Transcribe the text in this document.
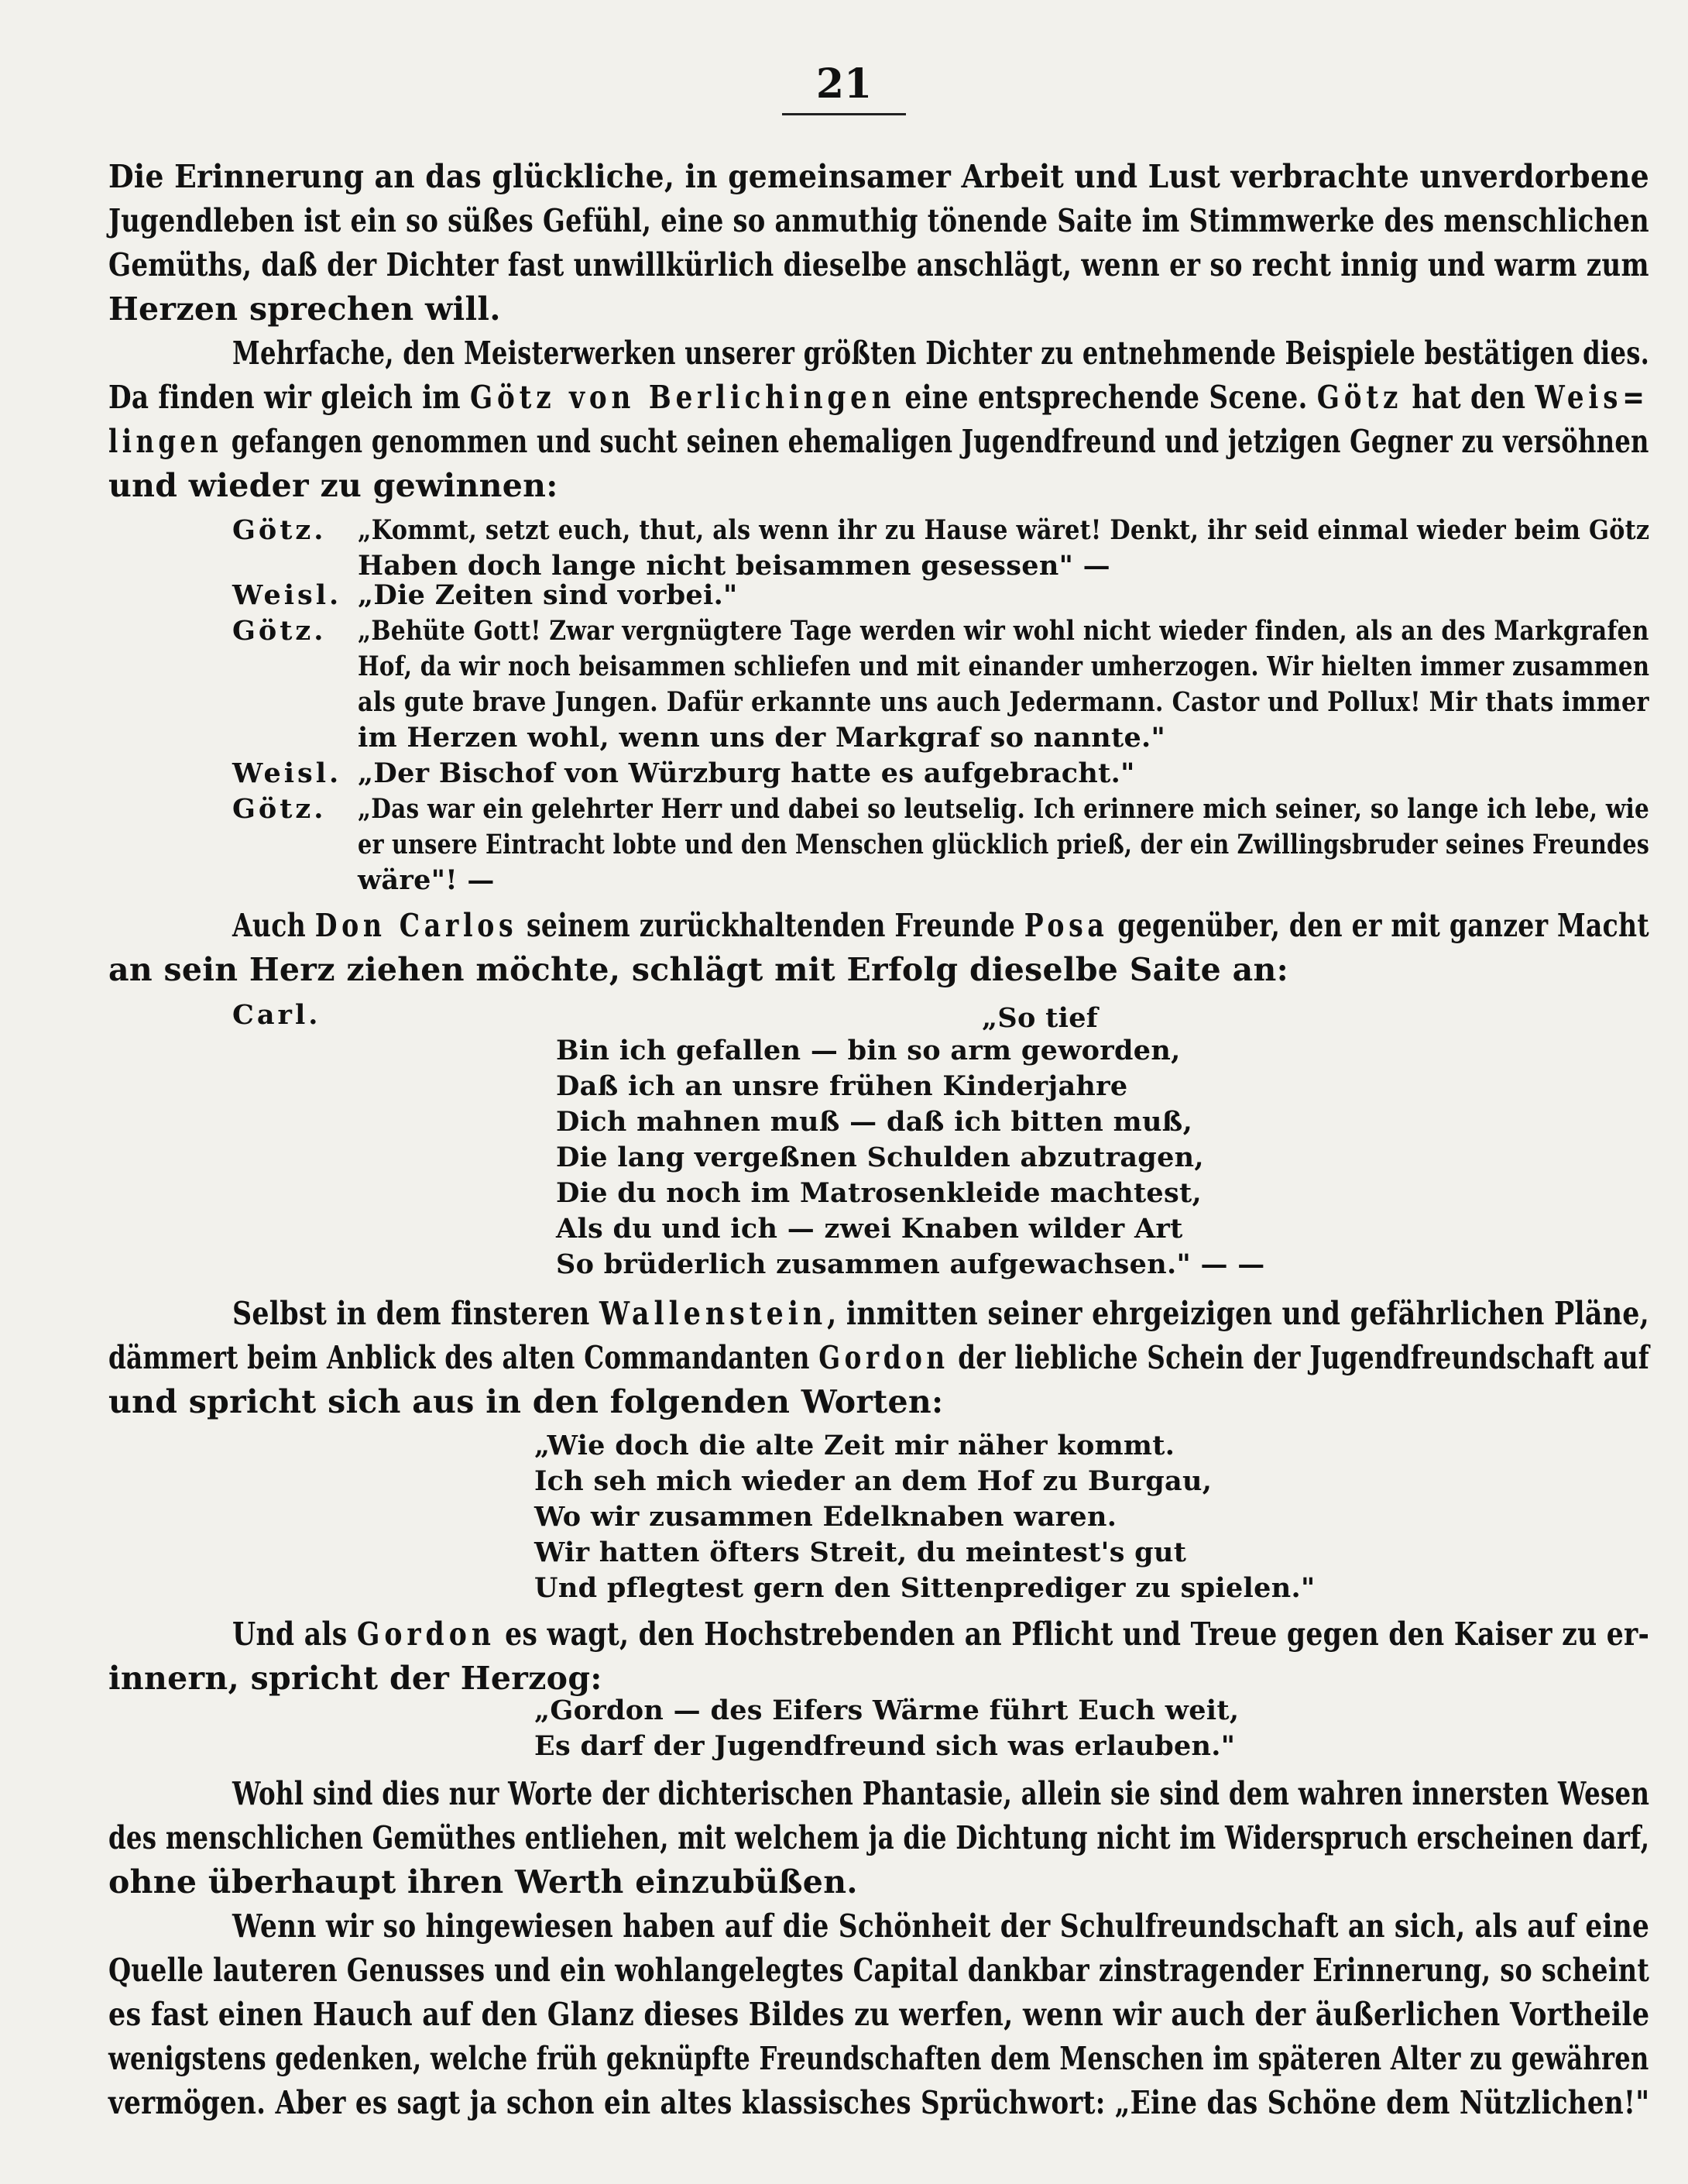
21
Die Erinnerung an das glückliche, in gemeinsamer Arbeit und Lust verbrachte unverdorbene
Jugendleben ist ein so süßes Gefühl, eine so anmuthig tönende Saite im Stimmwerke des menschlichen
Gemüths, daß der Dichter fast unwillkürlich dieselbe anschlägt, wenn er so recht innig und warm zum
Herzen sprechen will.
Mehrfache, den Meisterwerken unserer größten Dichter zu entnehmende Beispiele bestätigen dies.
Da finden wir gleich im Götz von Berlichingen eine entsprechende Scene. Götz hat den Weis=
lingen gefangen genommen und sucht seinen ehemaligen Jugendfreund und jetzigen Gegner zu versöhnen
und wieder zu gewinnen:
Götz. „Kommt, setzt euch, thut, als wenn ihr zu Hause wäret! Denkt, ihr seid einmal wieder beim Götz
Haben doch lange nicht beisammen gesessen" —
Weisl. „Die Zeiten sind vorbei."
Götz. „Behüte Gott! Zwar vergnügtere Tage werden wir wohl nicht wieder finden, als an des Markgrafen
Hof, da wir noch beisammen schliefen und mit einander umherzogen. Wir hielten immer zusammen
als gute brave Jungen. Dafür erkannte uns auch Jedermann. Castor und Pollux! Mir thats immer
im Herzen wohl, wenn uns der Markgraf so nannte."
Weisl. „Der Bischof von Würzburg hatte es aufgebracht."
Götz. „Das war ein gelehrter Herr und dabei so leutselig. Ich erinnere mich seiner, so lange ich lebe, wie
er unsere Eintracht lobte und den Menschen glücklich prieß, der ein Zwillingsbruder seines Freundes
wäre"! —
Auch Don Carlos seinem zurückhaltenden Freunde Posa gegenüber, den er mit ganzer Macht
an sein Herz ziehen möchte, schlägt mit Erfolg dieselbe Saite an:
Carl.	„So tief
Bin ich gefallen — bin so arm geworden,
Daß ich an unsre frühen Kinderjahre
Dich mahnen muß — daß ich bitten muß,
Die lang vergeßnen Schulden abzutragen,
Die du noch im Matrosenkleide machtest,
Als du und ich — zwei Knaben wilder Art
So brüderlich zusammen aufgewachsen." — —
Selbst in dem finsteren Wallenstein, inmitten seiner ehrgeizigen und gefährlichen Pläne,
dämmert beim Anblick des alten Commandanten Gordon der liebliche Schein der Jugendfreundschaft auf
und spricht sich aus in den folgenden Worten:
„Wie doch die alte Zeit mir näher kommt.
Ich seh mich wieder an dem Hof zu Burgau,
Wo wir zusammen Edelknaben waren.
Wir hatten öfters Streit, du meintest's gut
Und pflegtest gern den Sittenprediger zu spielen."
Und als Gordon es wagt, den Hochstrebenden an Pflicht und Treue gegen den Kaiser zu er-
innern, spricht der Herzog:
„Gordon — des Eifers Wärme führt Euch weit,
Es darf der Jugendfreund sich was erlauben."
Wohl sind dies nur Worte der dichterischen Phantasie, allein sie sind dem wahren innersten Wesen
des menschlichen Gemüthes entliehen, mit welchem ja die Dichtung nicht im Widerspruch erscheinen darf,
ohne überhaupt ihren Werth einzubüßen.
Wenn wir so hingewiesen haben auf die Schönheit der Schulfreundschaft an sich, als auf eine
Quelle lauteren Genusses und ein wohlangelegtes Capital dankbar zinstragender Erinnerung, so scheint
es fast einen Hauch auf den Glanz dieses Bildes zu werfen, wenn wir auch der äußerlichen Vortheile
wenigstens gedenken, welche früh geknüpfte Freundschaften dem Menschen im späteren Alter zu gewähren
vermögen. Aber es sagt ja schon ein altes klassisches Sprüchwort: „Eine das Schöne dem Nützlichen!"
